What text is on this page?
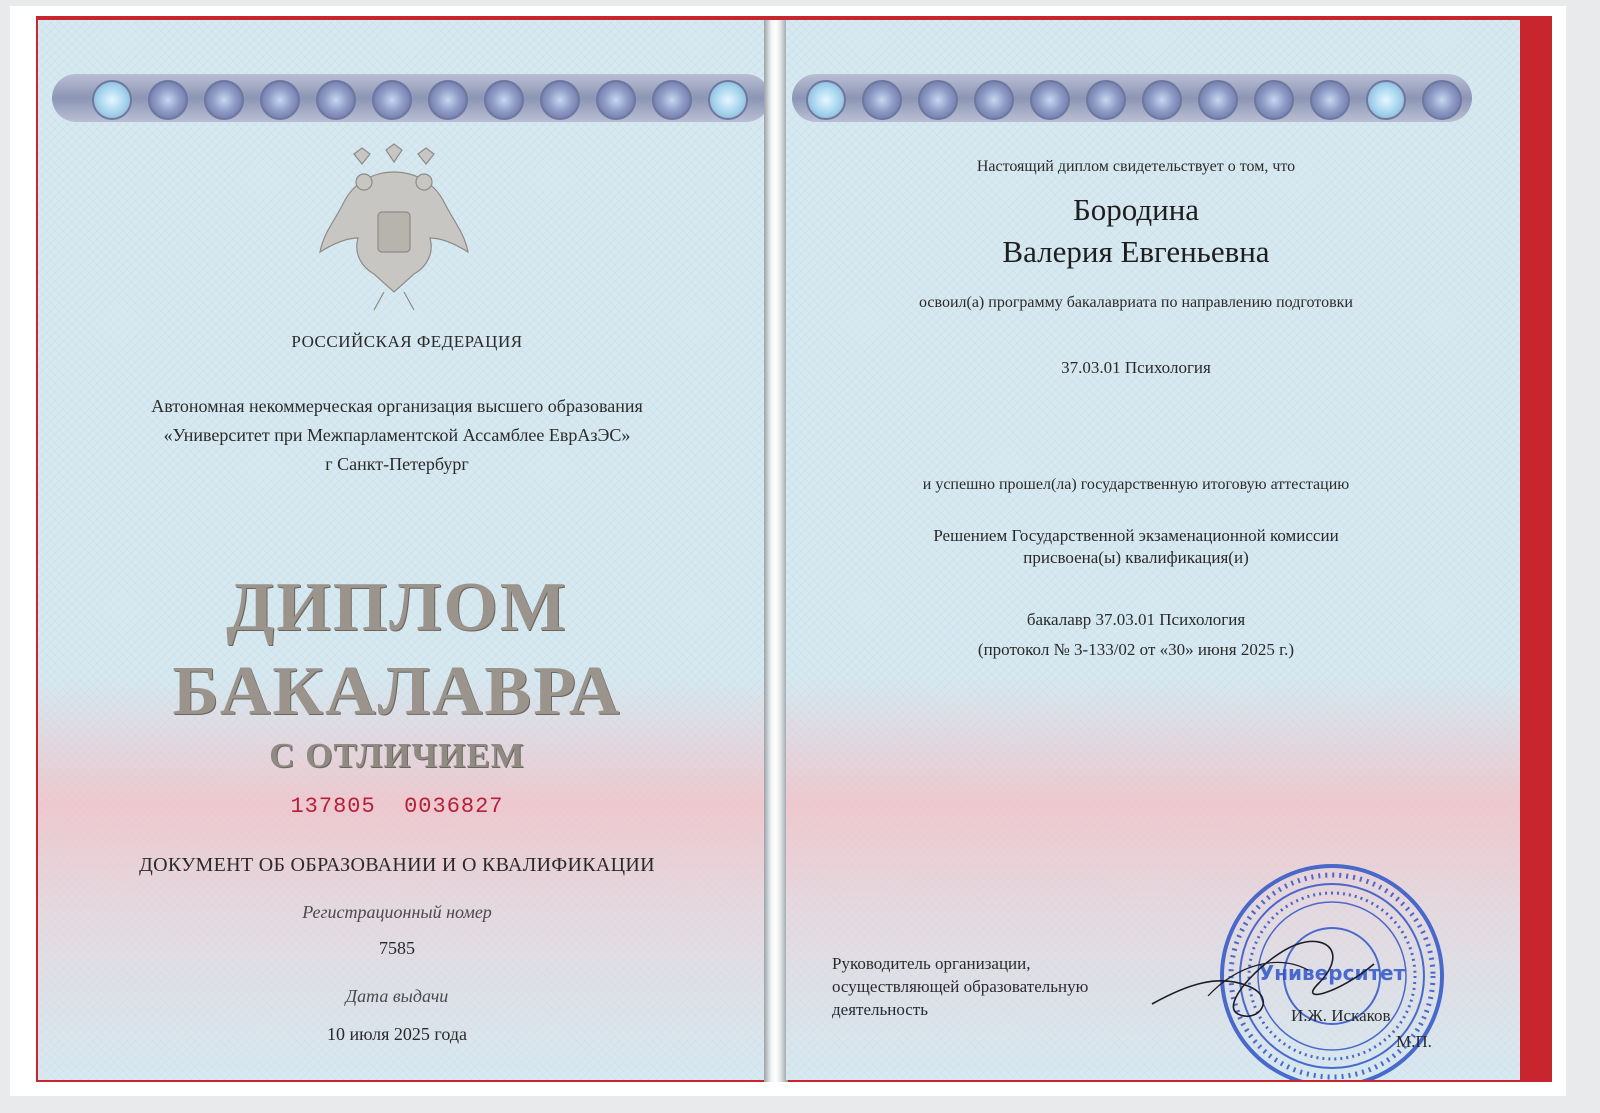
РОССИЙСКАЯ ФЕДЕРАЦИЯ

Автономная некоммерческая организация высшего образования

«Университет при Межпарламентской Ассамблее ЕврАзЭС»

г Санкт-Петербург

ДИПЛОМ

БАКАЛАВРА

С ОТЛИЧИЕМ

137805  0036827

ДОКУМЕНТ ОБ ОБРАЗОВАНИИ И О КВАЛИФИКАЦИИ

Регистрационный номер

7585

Дата выдачи

10 июля 2025 года

Настоящий диплом свидетельствует о том, что

Бородина

Валерия Евгеньевна

освоил(а) программу бакалавриата по направлению подготовки

37.03.01 Психология

и успешно прошел(ла) государственную итоговую аттестацию

Решением Государственной экзаменационной комиссии

присвоена(ы) квалификация(и)

бакалавр 37.03.01 Психология

(протокол № 3-133/02 от «30» июня 2025 г.)

Руководитель организации,
осуществляющей образовательную
деятельность

Университет

И.Ж. Искаков

М.П.
